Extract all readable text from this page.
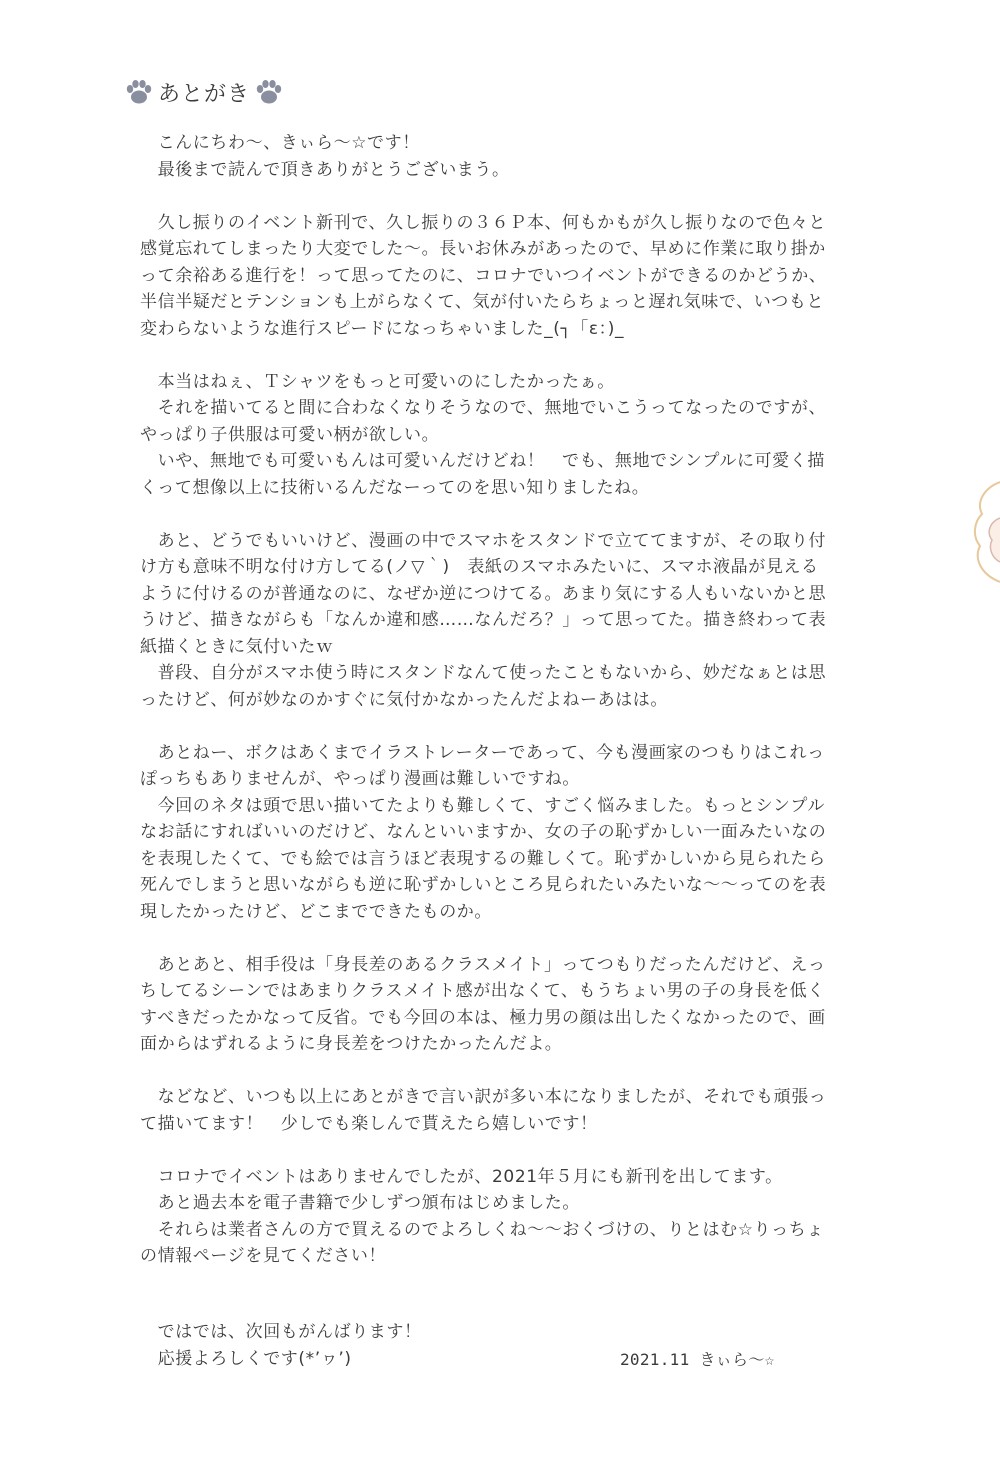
あとがき
　こんにちわ〜、きぃら〜☆です！
　最後まで読んで頂きありがとうございまう。
　久し振りのイベント新刊で、久し振りの３６Ｐ本、何もかもが久し振りなので色々と
感覚忘れてしまったり大変でした〜。長いお休みがあったので、早めに作業に取り掛か
って余裕ある進行を！って思ってたのに、コロナでいつイベントができるのかどうか、
半信半疑だとテンションも上がらなくて、気が付いたらちょっと遅れ気味で、いつもと
変わらないような進行スピードになっちゃいました_(┐「ε：)_
　本当はねぇ、Ｔシャツをもっと可愛いのにしたかったぁ。
　それを描いてると間に合わなくなりそうなので、無地でいこうってなったのですが、
やっぱり子供服は可愛い柄が欲しい。
　いや、無地でも可愛いもんは可愛いんだけどね！　でも、無地でシンプルに可愛く描
くって想像以上に技術いるんだなーってのを思い知りましたね。
　あと、どうでもいいけど、漫画の中でスマホをスタンドで立ててますが、その取り付
け方も意味不明な付け方してる(ノ▽｀)　表紙のスマホみたいに、スマホ液晶が見える
ように付けるのが普通なのに、なぜか逆につけてる。あまり気にする人もいないかと思
うけど、描きながらも「なんか違和感……なんだろ？」って思ってた。描き終わって表
紙描くときに気付いたｗ
　普段、自分がスマホ使う時にスタンドなんて使ったこともないから、妙だなぁとは思
ったけど、何が妙なのかすぐに気付かなかったんだよねーあはは。
　あとねー、ボクはあくまでイラストレーターであって、今も漫画家のつもりはこれっ
ぽっちもありませんが、やっぱり漫画は難しいですね。
　今回のネタは頭で思い描いてたよりも難しくて、すごく悩みました。もっとシンプル
なお話にすればいいのだけど、なんといいますか、女の子の恥ずかしい一面みたいなの
を表現したくて、でも絵では言うほど表現するの難しくて。恥ずかしいから見られたら
死んでしまうと思いながらも逆に恥ずかしいところ見られたいみたいな〜〜ってのを表
現したかったけど、どこまでできたものか。
　あとあと、相手役は「身長差のあるクラスメイト」ってつもりだったんだけど、えっ
ちしてるシーンではあまりクラスメイト感が出なくて、もうちょい男の子の身長を低く
すべきだったかなって反省。でも今回の本は、極力男の顔は出したくなかったので、画
面からはずれるように身長差をつけたかったんだよ。
　などなど、いつも以上にあとがきで言い訳が多い本になりましたが、それでも頑張っ
て描いてます！　少しでも楽しんで貰えたら嬉しいです！
　コロナでイベントはありませんでしたが、2021年５月にも新刊を出してます。
　あと過去本を電子書籍で少しずつ頒布はじめました。
　それらは業者さんの方で買えるのでよろしくね〜〜おくづけの、りとはむ☆りっちょ
の情報ページを見てください！
　ではでは、次回もがんばります！
　応援よろしくです(*’ヮ’)	2021.11 きぃら〜☆
